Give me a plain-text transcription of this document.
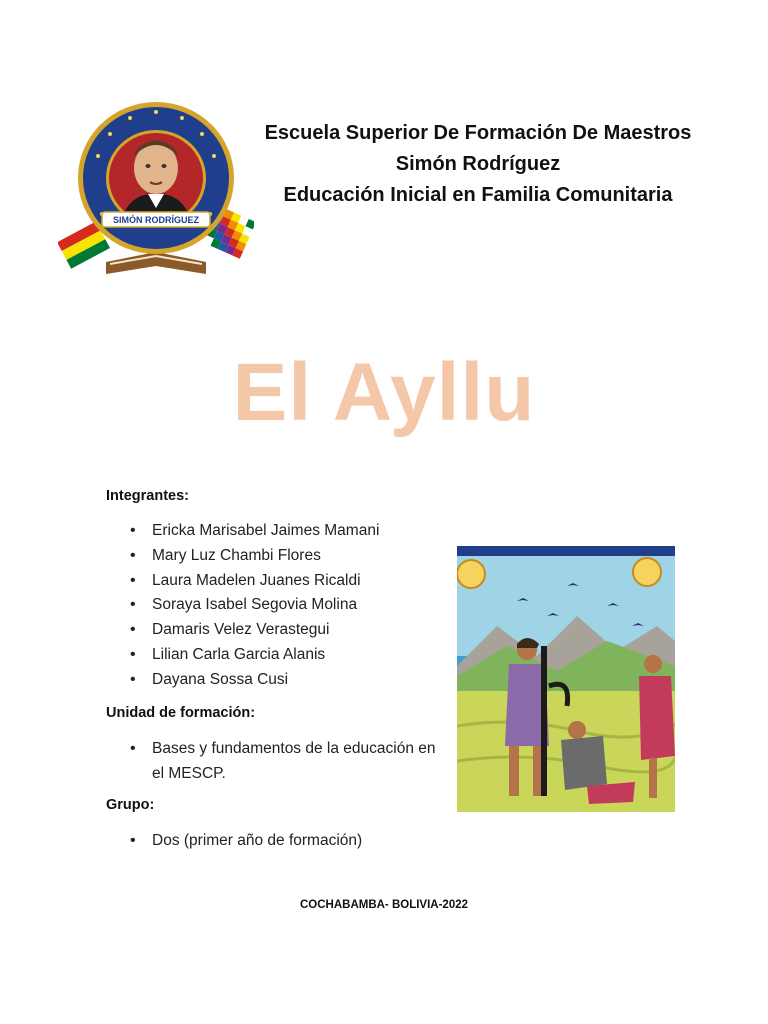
SIMÓN RODRÍGUEZ
Escuela Superior De Formación De Maestros
Simón Rodríguez
Educación Inicial en Familia Comunitaria
El Ayllu
Integrantes:
• Ericka Marisabel Jaimes Mamani
• Mary Luz Chambi Flores
• Laura Madelen Juanes Ricaldi
• Soraya Isabel Segovia Molina
• Damaris Velez Verastegui
• Lilian Carla Garcia Alanis
• Dayana Sossa Cusi
Unidad de formación:
• Bases y fundamentos de la educación en el MESCP.
Grupo:
• Dos (primer año de formación)
COCHABAMBA- BOLIVIA-2022
